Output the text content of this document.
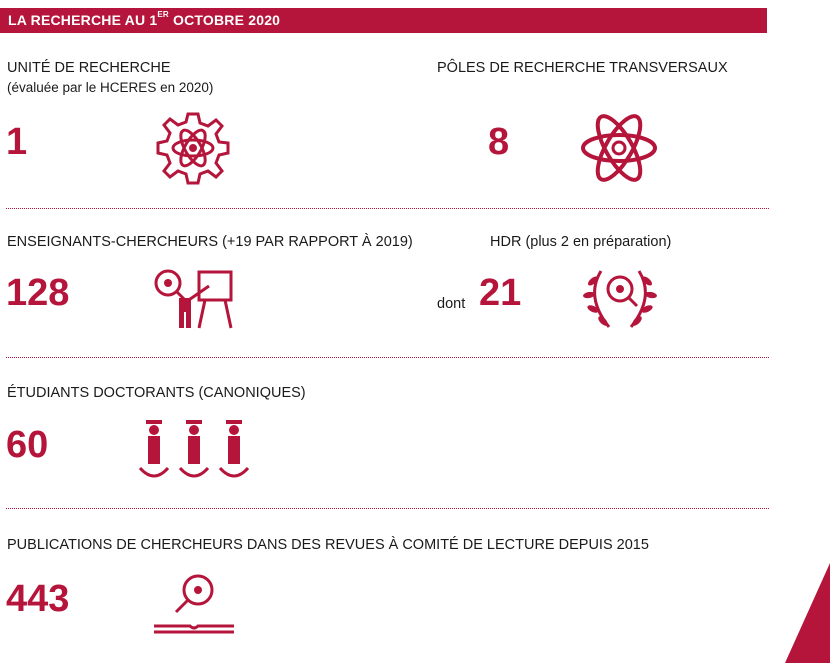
LA RECHERCHE AU 1ER OCTOBRE 2020
UNITÉ DE RECHERCHE
(évaluée par le HCERES en 2020)
1
PÔLES DE RECHERCHE TRANSVERSAUX
8
ENSEIGNANTS-CHERCHEURS (+19 PAR RAPPORT À 2019)
128
HDR (plus 2 en préparation)
dont 21
ÉTUDIANTS DOCTORANTS (CANONIQUES)
60
PUBLICATIONS DE CHERCHEURS DANS DES REVUES À COMITÉ DE LECTURE DEPUIS 2015
443
